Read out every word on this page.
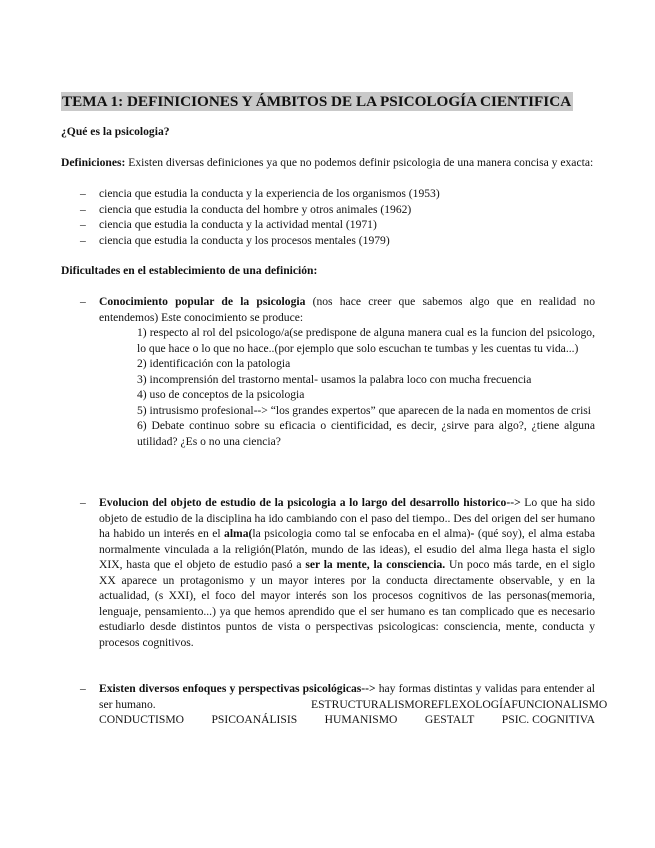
TEMA 1: DEFINICIONES Y ÁMBITOS DE LA PSICOLOGÍA CIENTIFICA
¿Qué es la psicologia?
Definiciones: Existen diversas definiciones ya que no podemos definir psicologia de una manera concisa y exacta:
– ciencia que estudia la conducta y la experiencia de los organismos (1953)
– ciencia que estudia la conducta del hombre y otros animales (1962)
– ciencia que estudia la conducta y la actividad mental (1971)
– ciencia que estudia la conducta y los procesos mentales (1979)
Dificultades en el establecimiento de una definición:
– Conocimiento popular de la psicologia (nos hace creer que sabemos algo que en realidad no entendemos) Este conocimiento se produce:

1) respecto al rol del psicologo/a(se predispone de alguna manera cual es la funcion del psicologo, lo que hace o lo que no hace..(por ejemplo que solo escuchan te tumbas y les cuentas tu vida...)

2) identificación con la patologia

3) incomprensión del trastorno mental- usamos la palabra loco con mucha frecuencia

4) uso de conceptos de la psicologia

5) intrusismo profesional--> “los grandes expertos” que aparecen de la nada en momentos de crisi

6) Debate continuo sobre su eficacia o cientificidad, es decir, ¿sirve para algo?, ¿tiene alguna utilidad? ¿Es o no una ciencia?

– Evolucion del objeto de estudio de la psicologia a lo largo del desarrollo historico--> Lo que ha sido objeto de estudio de la disciplina ha ido cambiando con el paso del tiempo.. Des del origen del ser humano ha habido un interés en el alma(la psicologia como tal se enfocaba en el alma)- (qué soy), el alma estaba normalmente vinculada a la religión(Platón, mundo de las ideas), el esudio del alma llega hasta el siglo XIX, hasta que el objeto de estudio pasó a ser la mente, la consciencia. Un poco más tarde, en el siglo XX aparece un protagonismo y un mayor interes por la conducta directamente observable, y en la actualidad, (s XXI), el foco del mayor interés son los procesos cognitivos de las personas(memoria, lenguaje, pensamiento...) ya que hemos aprendido que el ser humano es tan complicado que es necesario estudiarlo desde distintos puntos de vista o perspectivas psicologicas: consciencia, mente, conducta y procesos cognitivos.
– Existen diversos enfoques y perspectivas psicológicas--> hay formas distintas y validas para entender al ser humano.	ESTRUCTURALISMO REFLEXOLOGÍA FUNCIONALISMO
CONDUCTISMO PSICOANÁLISIS HUMANISMO GESTALT PSIC. COGNITIVA
